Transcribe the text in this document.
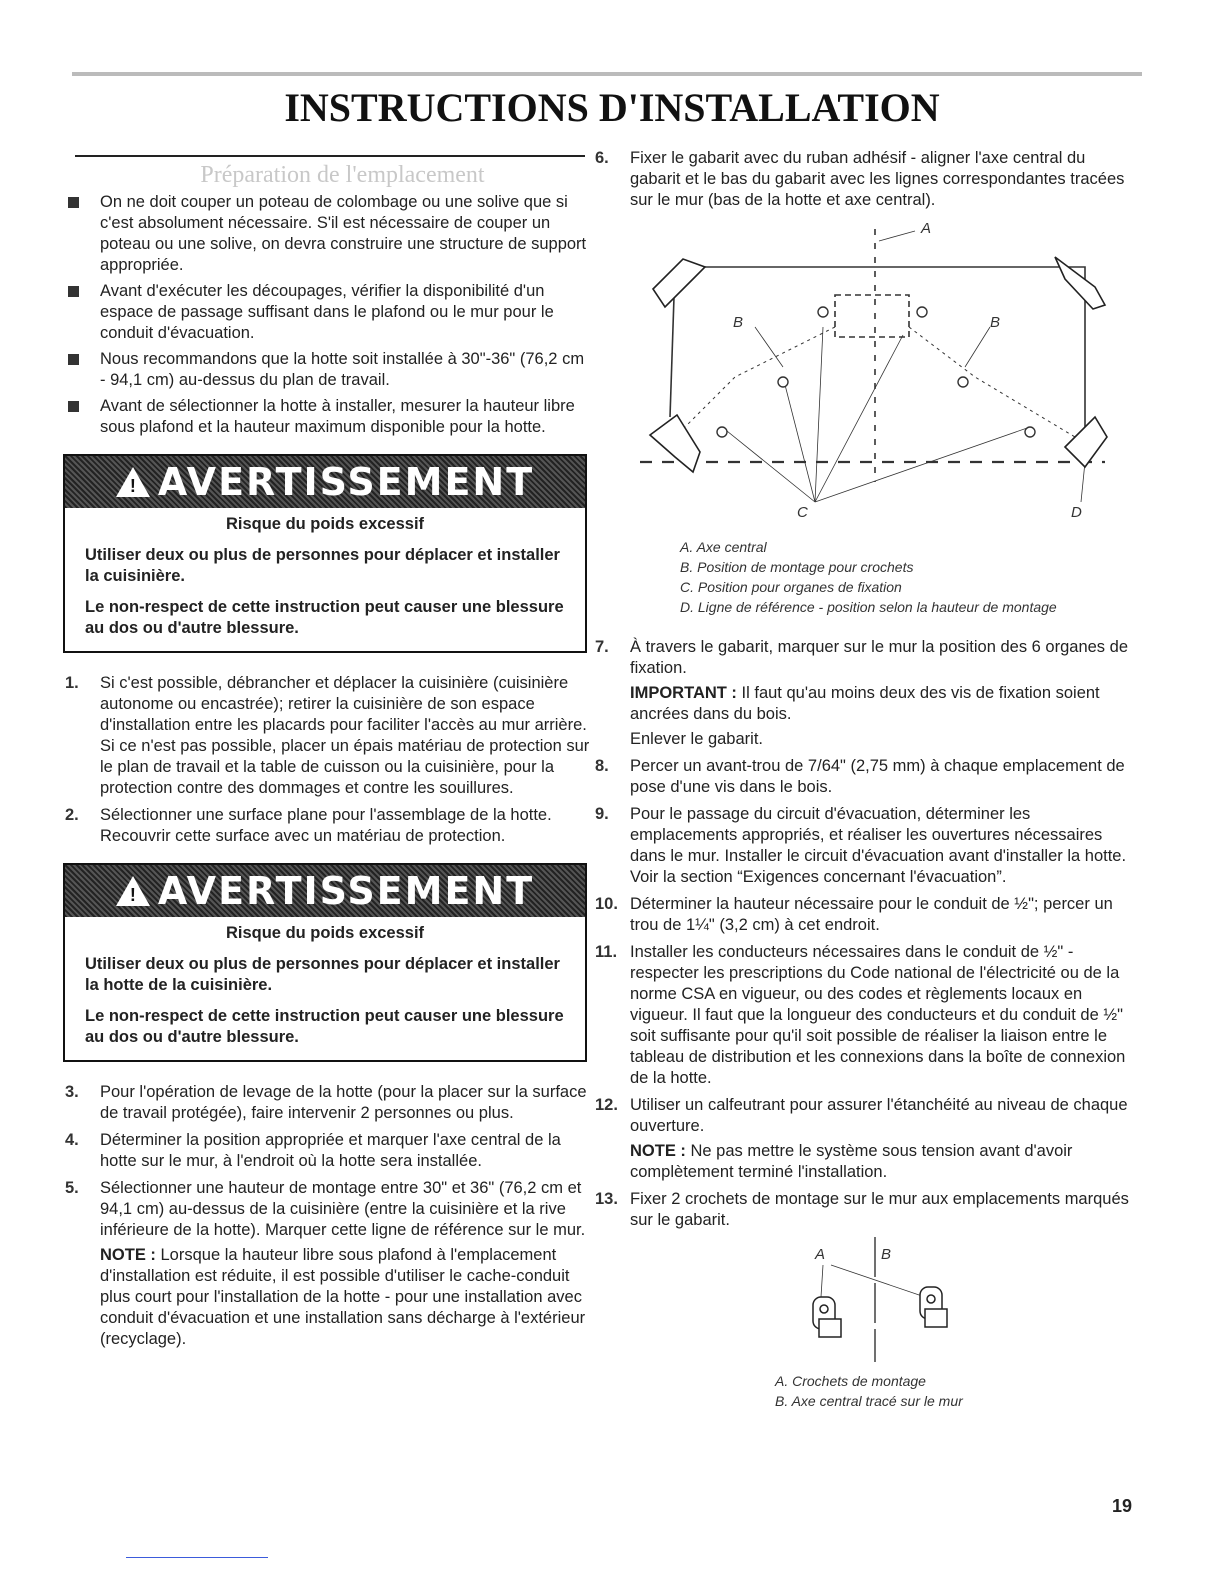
INSTRUCTIONS D'INSTALLATION
Préparation de l'emplacement
On ne doit couper un poteau de colombage ou une solive que si c'est absolument nécessaire. S'il est nécessaire de couper un poteau ou une solive, on devra construire une structure de support appropriée.
Avant d'exécuter les découpages, vérifier la disponibilité d'un espace de passage suffisant dans le plafond ou le mur pour le conduit d'évacuation.
Nous recommandons que la hotte soit installée à 30"-36" (76,2 cm - 94,1 cm) au-dessus du plan de travail.
Avant de sélectionner la hotte à installer, mesurer la hauteur libre sous plafond et la hauteur maximum disponible pour la hotte.
! AVERTISSEMENT
Risque du poids excessif

Utiliser deux ou plus de personnes pour déplacer et installer la cuisinière.

Le non-respect de cette instruction peut causer une blessure au dos ou d'autre blessure.

1.	Si c'est possible, débrancher et déplacer la cuisinière (cuisinière autonome ou encastrée); retirer la cuisinière de son espace d'installation entre les placards pour faciliter l'accès au mur arrière. Si ce n'est pas possible, placer un épais matériau de protection sur le plan de travail et la table de cuisson ou la cuisinière, pour la protection contre des dommages et contre les souillures.
2.	Sélectionner une surface plane pour l'assemblage de la hotte. Recouvrir cette surface avec un matériau de protection.
! AVERTISSEMENT
Risque du poids excessif

Utiliser deux ou plus de personnes pour déplacer et installer la hotte de la cuisinière.

Le non-respect de cette instruction peut causer une blessure au dos ou d'autre blessure.

3.	Pour l'opération de levage de la hotte (pour la placer sur la surface de travail protégée), faire intervenir 2 personnes ou plus.
4.	Déterminer la position appropriée et marquer l'axe central de la hotte sur le mur, à l'endroit où la hotte sera installée.
5.	Sélectionner une hauteur de montage entre 30" et 36" (76,2 cm et 94,1 cm) au-dessus de la cuisinière (entre la cuisinière et la rive inférieure de la hotte). Marquer cette ligne de référence sur le mur.
NOTE : Lorsque la hauteur libre sous plafond à l'emplacement d'installation est réduite, il est possible d'utiliser le cache-conduit plus court pour l'installation de la hotte - pour une installation avec conduit d'évacuation et une installation sans décharge à l'extérieur (recyclage).
6.	Fixer le gabarit avec du ruban adhésif - aligner l'axe central du gabarit et le bas du gabarit avec les lignes correspondantes tracées sur le mur (bas de la hotte et axe central).
A
B	B
C	D
A. Axe central
B. Position de montage pour crochets
C. Position pour organes de fixation
D. Ligne de référence - position selon la hauteur de montage
7.	À travers le gabarit, marquer sur le mur la position des 6 organes de fixation.
IMPORTANT : Il faut qu'au moins deux des vis de fixation soient ancrées dans du bois.
Enlever le gabarit.
8.	Percer un avant-trou de 7/64" (2,75 mm) à chaque emplacement de pose d'une vis dans le bois.
9.	Pour le passage du circuit d'évacuation, déterminer les emplacements appropriés, et réaliser les ouvertures nécessaires dans le mur. Installer le circuit d'évacuation avant d'installer la hotte. Voir la section “Exigences concernant l'évacuation”.
10. Déterminer la hauteur nécessaire pour le conduit de ½"; percer un trou de 1¼" (3,2 cm) à cet endroit.
11. Installer les conducteurs nécessaires dans le conduit de ½" - respecter les prescriptions du Code national de l'électricité ou de la norme CSA en vigueur, ou des codes et règlements locaux en vigueur. Il faut que la longueur des conducteurs et du conduit de ½" soit suffisante pour qu'il soit possible de réaliser la liaison entre le tableau de distribution et les connexions dans la boîte de connexion de la hotte.
12. Utiliser un calfeutrant pour assurer l'étanchéité au niveau de chaque ouverture.
NOTE : Ne pas mettre le système sous tension avant d'avoir complètement terminé l'installation.
13. Fixer 2 crochets de montage sur le mur aux emplacements marqués sur le gabarit.
A	B
A. Crochets de montage
B. Axe central tracé sur le mur
19
